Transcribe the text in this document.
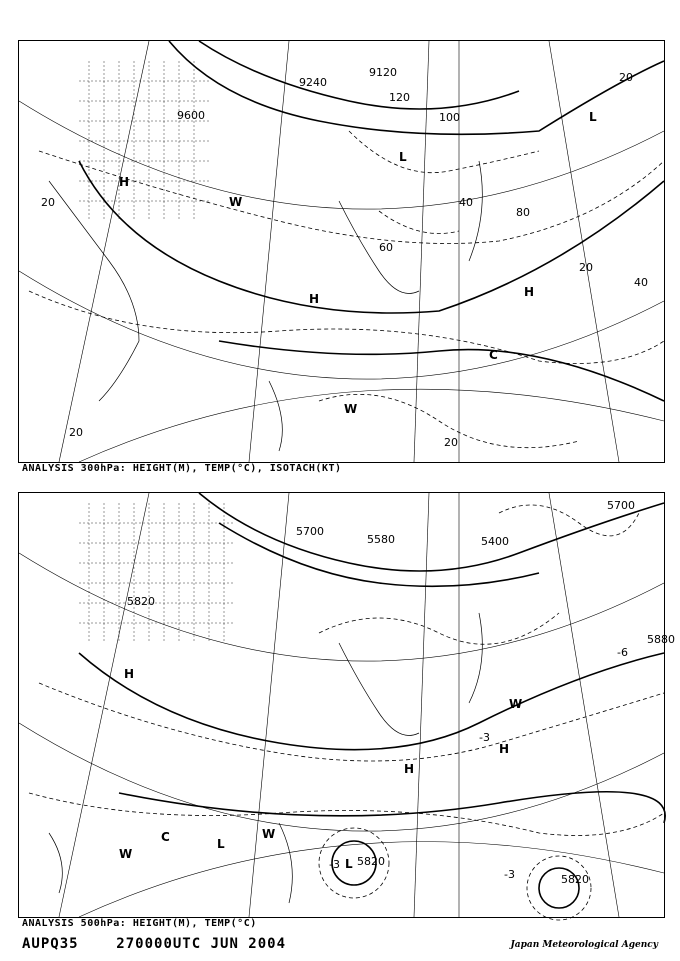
H
L
L
H
H
C
W
W
9600
9240
9120
20	40
80
100
60
120
20
20
20
20
40
ANALYSIS 300hPa: HEIGHT(M), TEMP(°C), ISOTACH(KT)
H
H
H
L
L
C
W
W
W
5700
5700
5580	5400
5820
5820
5820
5880
-3
-3
-3
-6
ANALYSIS 500hPa: HEIGHT(M), TEMP(°C)
AUPQ35	270000UTC JUN 2004	Japan Meteorological Agency
